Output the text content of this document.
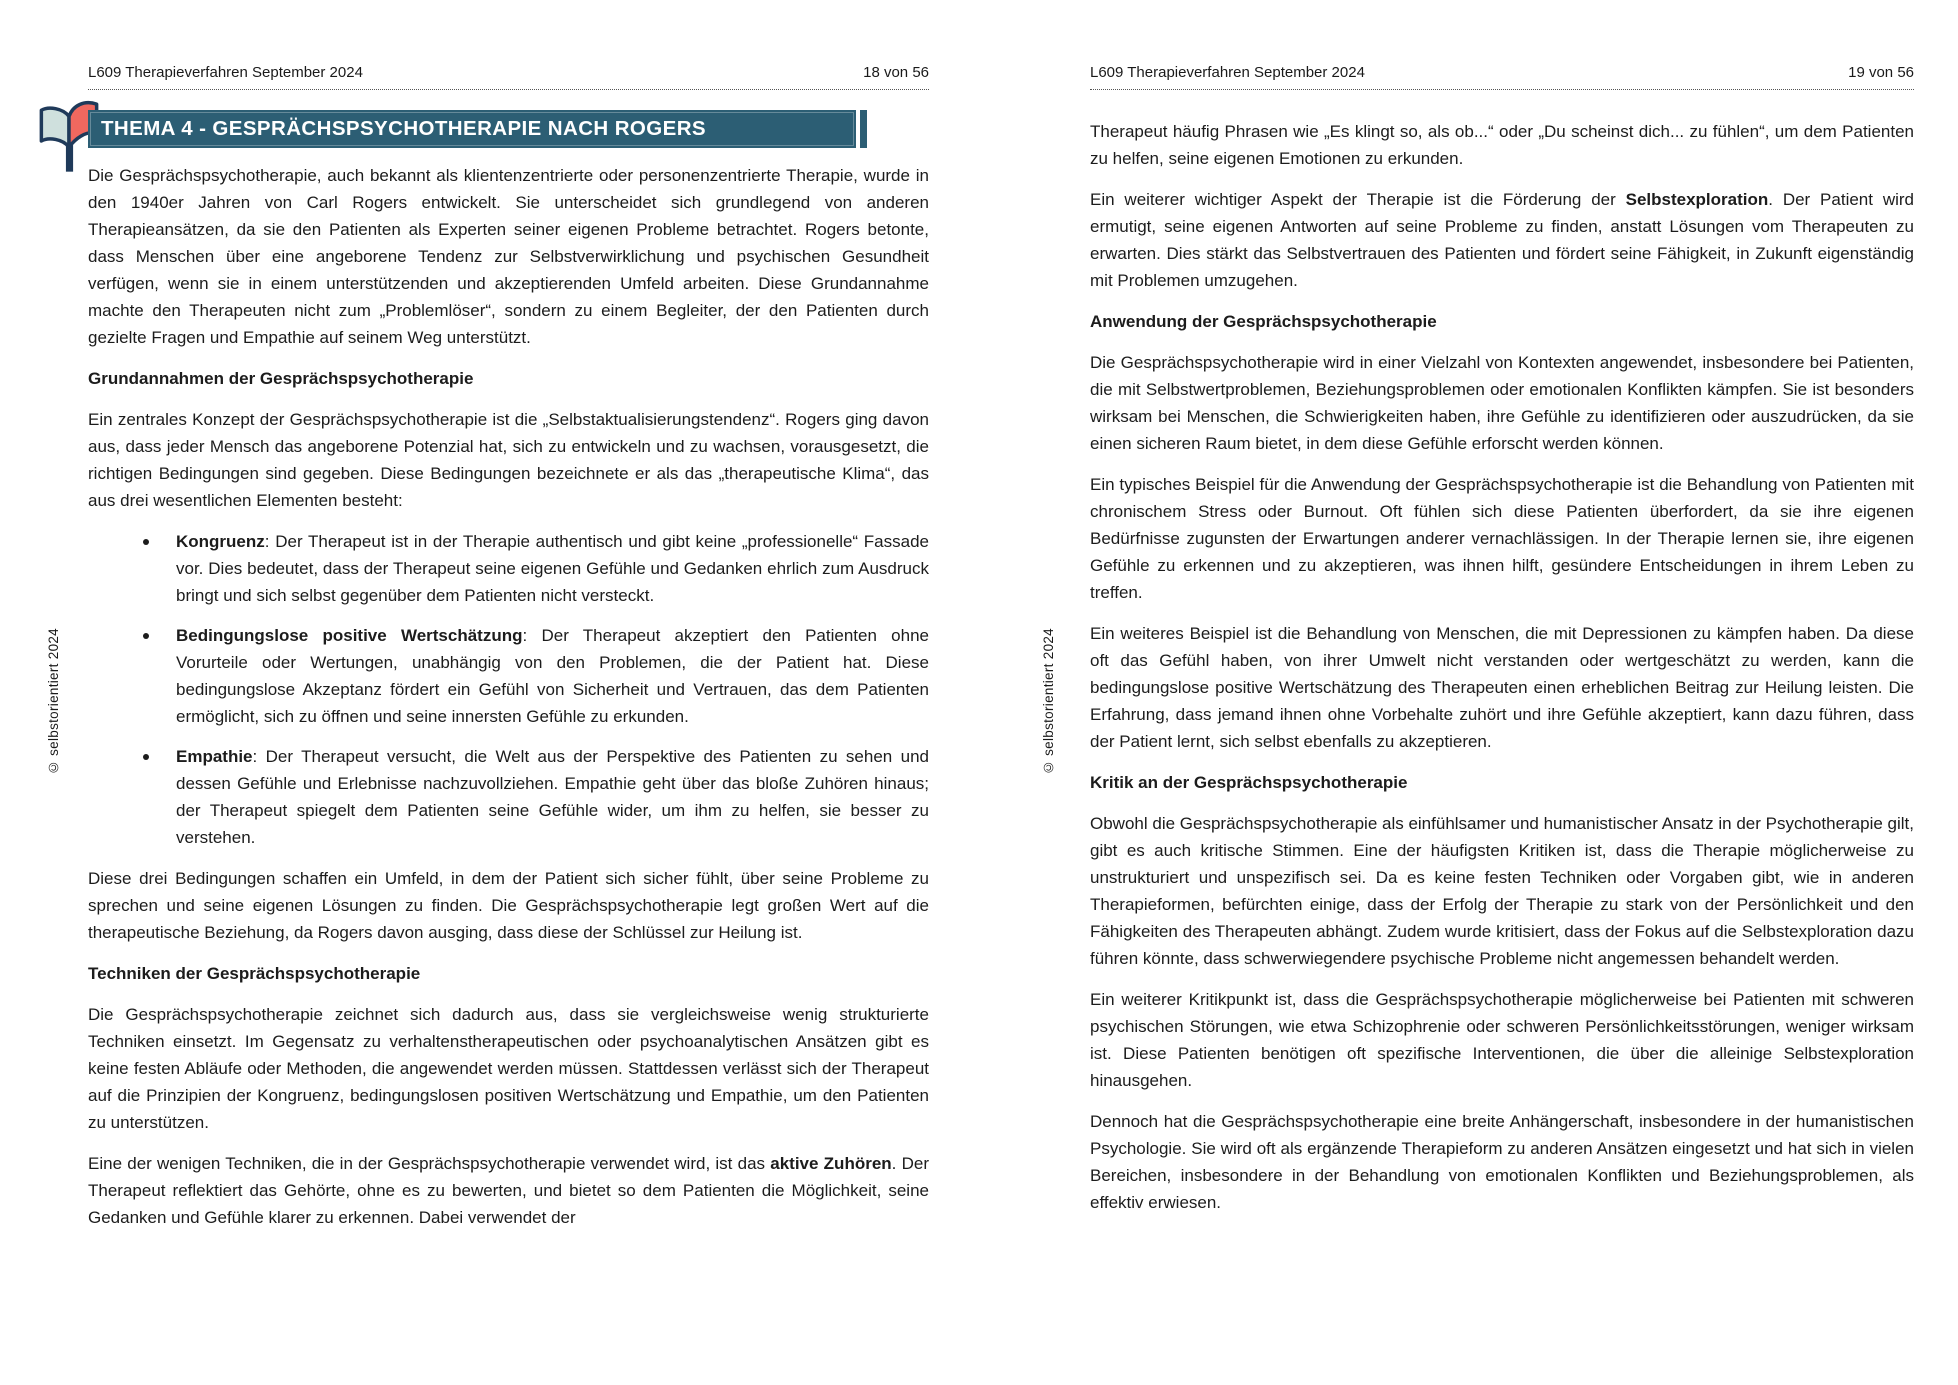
L609 Therapieverfahren September 2024	18 von 56
THEMA 4 - GESPRÄCHSPSYCHOTHERAPIE NACH ROGERS

Die Gesprächspsychotherapie, auch bekannt als klientenzentrierte oder personenzentrierte Therapie, wurde in den 1940er Jahren von Carl Rogers entwickelt. Sie unterscheidet sich grundlegend von anderen Therapieansätzen, da sie den Patienten als Experten seiner eigenen Probleme betrachtet. Rogers betonte, dass Menschen über eine angeborene Tendenz zur Selbstverwirklichung und psychischen Gesundheit verfügen, wenn sie in einem unterstützenden und akzeptierenden Umfeld arbeiten. Diese Grundannahme machte den Therapeuten nicht zum „Problemlöser“, sondern zu einem Begleiter, der den Patienten durch gezielte Fragen und Empathie auf seinem Weg unterstützt.

Grundannahmen der Gesprächspsychotherapie

Ein zentrales Konzept der Gesprächspsychotherapie ist die „Selbstaktualisierungstendenz“. Rogers ging davon aus, dass jeder Mensch das angeborene Potenzial hat, sich zu entwickeln und zu wachsen, vorausgesetzt, die richtigen Bedingungen sind gegeben. Diese Bedingungen bezeichnete er als das „therapeutische Klima“, das aus drei wesentlichen Elementen besteht:

Kongruenz: Der Therapeut ist in der Therapie authentisch und gibt keine „professionelle“ Fassade vor. Dies bedeutet, dass der Therapeut seine eigenen Gefühle und Gedanken ehrlich zum Ausdruck bringt und sich selbst gegenüber dem Patienten nicht versteckt.
Bedingungslose positive Wertschätzung: Der Therapeut akzeptiert den Patienten ohne Vorurteile oder Wertungen, unabhängig von den Problemen, die der Patient hat. Diese bedingungslose Akzeptanz fördert ein Gefühl von Sicherheit und Vertrauen, das dem Patienten ermöglicht, sich zu öffnen und seine innersten Gefühle zu erkunden.
Empathie: Der Therapeut versucht, die Welt aus der Perspektive des Patienten zu sehen und dessen Gefühle und Erlebnisse nachzuvollziehen. Empathie geht über das bloße Zuhören hinaus; der Therapeut spiegelt dem Patienten seine Gefühle wider, um ihm zu helfen, sie besser zu verstehen.

Diese drei Bedingungen schaffen ein Umfeld, in dem der Patient sich sicher fühlt, über seine Probleme zu sprechen und seine eigenen Lösungen zu finden. Die Gesprächspsychotherapie legt großen Wert auf die therapeutische Beziehung, da Rogers davon ausging, dass diese der Schlüssel zur Heilung ist.

Techniken der Gesprächspsychotherapie

Die Gesprächspsychotherapie zeichnet sich dadurch aus, dass sie vergleichsweise wenig strukturierte Techniken einsetzt. Im Gegensatz zu verhaltenstherapeutischen oder psychoanalytischen Ansätzen gibt es keine festen Abläufe oder Methoden, die angewendet werden müssen. Stattdessen verlässt sich der Therapeut auf die Prinzipien der Kongruenz, bedingungslosen positiven Wertschätzung und Empathie, um den Patienten zu unterstützen.

Eine der wenigen Techniken, die in der Gesprächspsychotherapie verwendet wird, ist das aktive Zuhören. Der Therapeut reflektiert das Gehörte, ohne es zu bewerten, und bietet so dem Patienten die Möglichkeit, seine Gedanken und Gefühle klarer zu erkennen. Dabei verwendet der

© selbstorientiert 2024
L609 Therapieverfahren September 2024	19 von 56

Therapeut häufig Phrasen wie „Es klingt so, als ob...“ oder „Du scheinst dich... zu fühlen“, um dem Patienten zu helfen, seine eigenen Emotionen zu erkunden.

Ein weiterer wichtiger Aspekt der Therapie ist die Förderung der Selbstexploration. Der Patient wird ermutigt, seine eigenen Antworten auf seine Probleme zu finden, anstatt Lösungen vom Therapeuten zu erwarten. Dies stärkt das Selbstvertrauen des Patienten und fördert seine Fähigkeit, in Zukunft eigenständig mit Problemen umzugehen.

Anwendung der Gesprächspsychotherapie

Die Gesprächspsychotherapie wird in einer Vielzahl von Kontexten angewendet, insbesondere bei Patienten, die mit Selbstwertproblemen, Beziehungsproblemen oder emotionalen Konflikten kämpfen. Sie ist besonders wirksam bei Menschen, die Schwierigkeiten haben, ihre Gefühle zu identifizieren oder auszudrücken, da sie einen sicheren Raum bietet, in dem diese Gefühle erforscht werden können.

Ein typisches Beispiel für die Anwendung der Gesprächspsychotherapie ist die Behandlung von Patienten mit chronischem Stress oder Burnout. Oft fühlen sich diese Patienten überfordert, da sie ihre eigenen Bedürfnisse zugunsten der Erwartungen anderer vernachlässigen. In der Therapie lernen sie, ihre eigenen Gefühle zu erkennen und zu akzeptieren, was ihnen hilft, gesündere Entscheidungen in ihrem Leben zu treffen.

Ein weiteres Beispiel ist die Behandlung von Menschen, die mit Depressionen zu kämpfen haben. Da diese oft das Gefühl haben, von ihrer Umwelt nicht verstanden oder wertgeschätzt zu werden, kann die bedingungslose positive Wertschätzung des Therapeuten einen erheblichen Beitrag zur Heilung leisten. Die Erfahrung, dass jemand ihnen ohne Vorbehalte zuhört und ihre Gefühle akzeptiert, kann dazu führen, dass der Patient lernt, sich selbst ebenfalls zu akzeptieren.

Kritik an der Gesprächspsychotherapie

Obwohl die Gesprächspsychotherapie als einfühlsamer und humanistischer Ansatz in der Psychotherapie gilt, gibt es auch kritische Stimmen. Eine der häufigsten Kritiken ist, dass die Therapie möglicherweise zu unstrukturiert und unspezifisch sei. Da es keine festen Techniken oder Vorgaben gibt, wie in anderen Therapieformen, befürchten einige, dass der Erfolg der Therapie zu stark von der Persönlichkeit und den Fähigkeiten des Therapeuten abhängt. Zudem wurde kritisiert, dass der Fokus auf die Selbstexploration dazu führen könnte, dass schwerwiegendere psychische Probleme nicht angemessen behandelt werden.

Ein weiterer Kritikpunkt ist, dass die Gesprächspsychotherapie möglicherweise bei Patienten mit schweren psychischen Störungen, wie etwa Schizophrenie oder schweren Persönlichkeitsstörungen, weniger wirksam ist. Diese Patienten benötigen oft spezifische Interventionen, die über die alleinige Selbstexploration hinausgehen.

Dennoch hat die Gesprächspsychotherapie eine breite Anhängerschaft, insbesondere in der humanistischen Psychologie. Sie wird oft als ergänzende Therapieform zu anderen Ansätzen eingesetzt und hat sich in vielen Bereichen, insbesondere in der Behandlung von emotionalen Konflikten und Beziehungsproblemen, als effektiv erwiesen.

© selbstorientiert 2024
